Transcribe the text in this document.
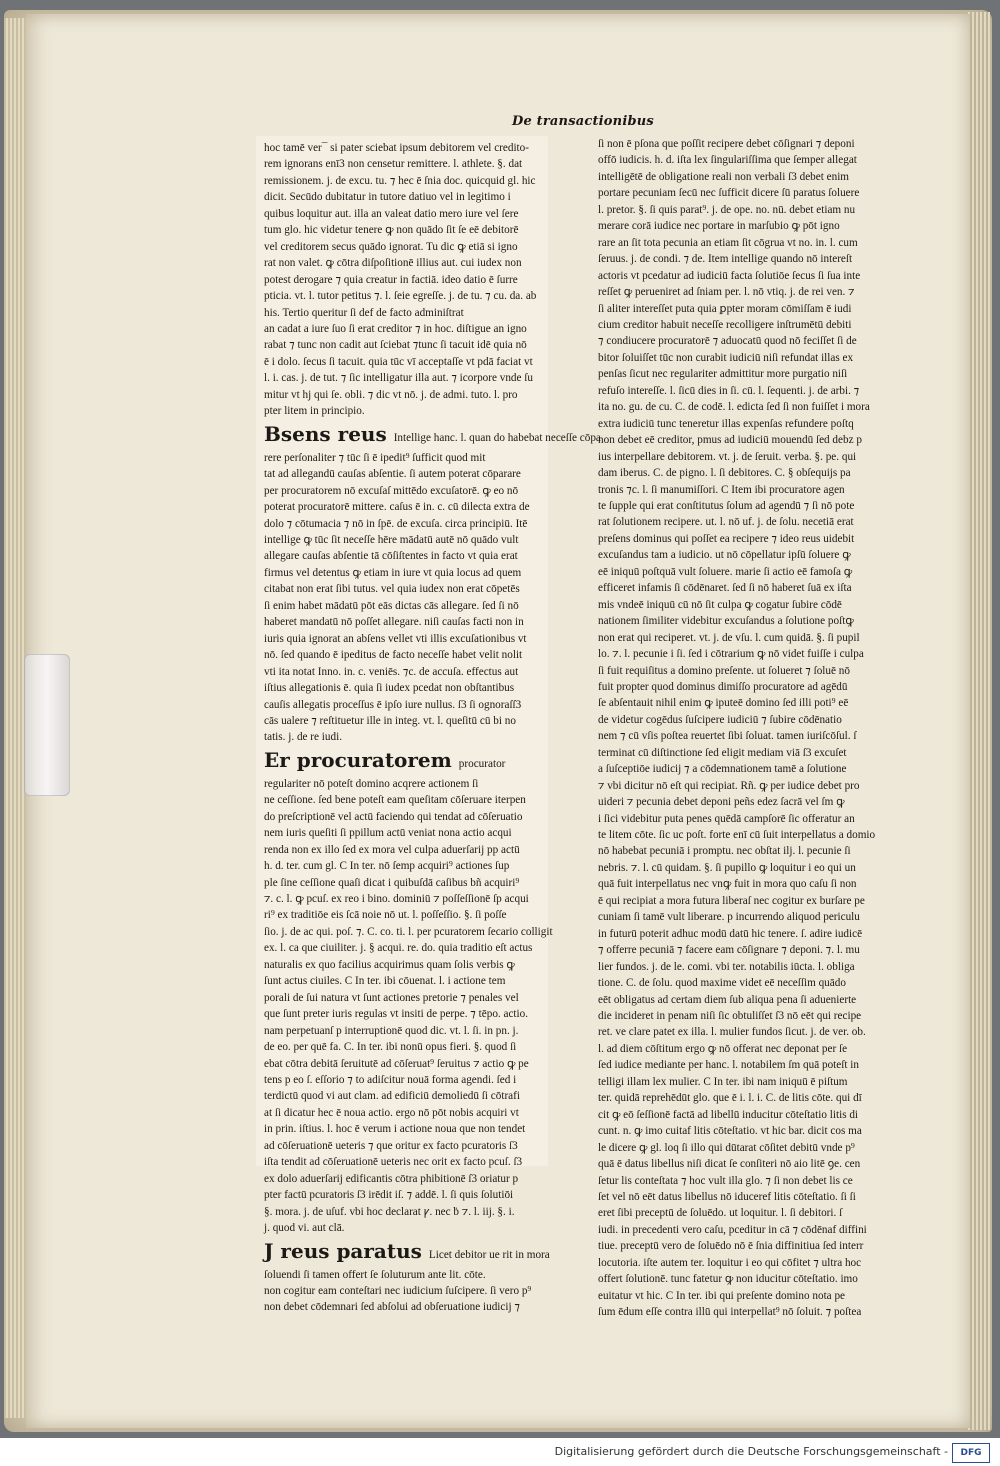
De transactionibus
hoc tamē ver¯ si pater sciebat ipsum debitorem vel credito-
rem ignorans enī3 non censetur remittere. l. athlete. §. dat
remissionem. j. de excu. tu. ⁊ hec ē ſnia doc. quicquid gl. hic
dicit. Secūdo dubitatur in tutore datiuo vel in legitimo i
quibus loquitur aut. illa an valeat datio mero iure vel ſere
tum glo. hic videtur tenere ꝙ non quādo ſit ſe eē debitorē
vel creditorem secus quādo ignorat. Tu dic ꝙ etiā si igno
rat non valet. ꝙ cōtra diſpoſitionē illius aut. cui iudex non
potest derogare ⁊ quia creatur in factiā. ideo datio ē ſurre
pticia. vt. l. tutor petitus ⁊. l. ſeie egreſſe. j. de tu. ⁊ cu. da. ab
his. Tertio queritur ſi def de facto adminiſtrat
an cadat a iure ſuo ſi erat creditor ⁊ in hoc. diſtigue an igno
rabat ⁊ tunc non cadit aut ſciebat ⁊tunc ſi tacuit idē quia nō
ē i dolo. ſecus ſi tacuit. quia tūc vī acceptaſſe vt pdā faciat vt
l. i. cas. j. de tut. ⁊ ſic intelligatur illa aut. ⁊ icorpore vnde ſu
mitur vt hj qui ſe. obli. ⁊ dic vt nō. j. de admi. tuto. l. pro
pter litem in principio.
Bsens reus Intellige hanc. l. quan do habebat neceſſe cōpa
rere perſonaliter ⁊ tūc ſi ē ipedit⁹ ſufficit quod mit
tat ad allegandū cauſas abſentie. ſi autem poterat cōparare
per procuratorem nō excuſaſ mittēdo excuſatorē. ꝙ eo nō
poterat procuratorē mittere. caſus ē in. c. cū dilecta extra de
dolo ⁊ cōtumacia ⁊ nō in ſpē. de excuſa. circa principiū. Itē
intellige ꝙ tūc ſit neceſſe hēre mādatū autē nō quādo vult
allegare cauſas abſentie tā cōſiſtentes in facto vt quia erat
firmus vel detentus ꝙ etiam in iure vt quia locus ad quem
citabat non erat ſibi tutus. vel quia iudex non erat cōpetēs
ſi enim habet mādatū pōt eās dictas cās allegare. ſed ſi nō
haberet mandatū nō poſſet allegare. niſi cauſas facti non in
iuris quia ignorat an abſens vellet vti illis excuſationibus vt
nō. ſed quando ē ipeditus de facto neceſſe habet velit nolit
vti ita notat Inno. in. c. veniēs. ⁊c. de accuſa. effectus aut
iſtius allegationis ē. quia ſi iudex pcedat non obſtantibus
cauſis allegatis proceſſus ē ipſo iure nullus. ſ3 ſi ognoraſſ3
cās ualere ⁊ reſtituetur ille in integ. vt. l. queſitū cū bi no
tatis. j. de re iudi.
Er procuratorem procurator
regulariter nō poteſt domino acqrere actionem ſi
ne ceſſione. ſed bene poteſt eam queſitam cōſeruare iterpen
do preſcriptionē vel actū faciendo qui tendat ad cōſeruatio
nem iuris queſiti ſi ppillum actū veniat nona actio acqui
renda non ex illo ſed ex mora vel culpa aduerſarij pp actū
h. d. ter. cum gl. C In ter. nō ſemp acquiri⁹ actiones ſup
ple ſine ceſſione quaſi dicat i quibuſdā caſibus bñ acquiri⁹
⁊. c. l. ꝙ pcuſ. ex reo i bino. dominiū ⁊ poſſeſſionē ſp acqui
ri⁹ ex traditiōe eis ſcā noie nō ut. l. poſſeſſio. §. ſi poſſe
ſio. j. de ac qui. poſ. ⁊. C. co. ti. l. per pcuratorem ſecario colligit
ex. l. ca que ciuiliter. j. § acqui. re. do. quia traditio eſt actus
naturalis ex quo facilius acquirimus quam ſolis verbis ꝙ
ſunt actus ciuiles. C In ter. ibi cōuenat. l. i actione tem
porali de ſui natura vt ſunt actiones pretorie ⁊ penales vel
que ſunt preter iuris regulas vt insiti de perpe. ⁊ tēpo. actio.
nam perpetuanſ p interruptionē quod dic. vt. l. ſi. in pn. j.
de eo. per quē fa. C. In ter. ibi nonū opus fieri. §. quod ſi
ebat cōtra debitā ſeruitutē ad cōſeruat⁹ ſeruitus ⁊ actio ꝙ pe
tens p eo ſ. eſſorio ⁊ to adiſcitur nouā forma agendi. ſed i
terdictū quod vi aut clam. ad edificiū demoliedū ſi cōtrafi
at ſi dicatur hec ē noua actio. ergo nō pōt nobis acquiri vt
in prin. iſtius. l. hoc ē verum i actione noua que non tendet
ad cōſeruationē ueteris ⁊ que oritur ex facto pcuratoris ſ3
iſta tendit ad cōſeruationē ueteris nec orit ex facto pcuſ. ſ3
ex dolo aduerſarij edificantis cōtra phibitionē ſ3 oriatur p
pter factū pcuratoris ſ3 irēdit iſ. ⁊ addē. l. ſi quis ſolutiōi
§. mora. j. de uſuf. vbi hoc declarat ꝩ. nec ḃ ⁊. l. iij. §. i.
j. quod vi. aut clā.
J reus paratus Licet debitor ue rit in mora
ſoluendi ſi tamen offert ſe ſoluturum ante lit. cōte.
non cogitur eam conteſtari nec iudicium ſuſcipere. ſi vero p⁹
non debet cōdemnari ſed abſolui ad obſeruatione iudicij ⁊
ſi non ē pſona que poſſit recipere debet cōſignari ⁊ deponi
offō iudicis. h. d. iſta lex ſingulariſſima que ſemper allegat
intelligētē de obligatione reali non verbali ſ3 debet enim
portare pecuniam ſecū nec ſufficit dicere ſū paratus ſoluere
l. pretor. §. ſi quis parat⁹. j. de ope. no. nū. debet etiam nu
merare corā iudice nec portare in marſubio ꝙ pōt igno
rare an ſit tota pecunia an etiam ſit cōgrua vt no. in. l. cum
ſeruus. j. de condi. ⁊ de. Item intellige quando nō intereſt
actoris vt pcedatur ad iudiciū facta ſolutiōe ſecus ſi ſua inte
reſſet ꝙ perueniret ad ſniam per. l. nō vtiq. j. de rei ven. ⁊
ſi aliter intereſſet puta quia ꝑpter moram cōmiſſam ē iudi
cium creditor habuit neceſſe recolligere inſtrumētū debiti
⁊ condiucere procuratorē ⁊ aduocatū quod nō feciſſet ſi de
bitor ſoluiſſet tūc non curabit iudiciū niſi refundat illas ex
penſas ſicut nec regulariter admittitur more purgatio niſi
refuſo intereſſe. l. ſicū dies in ſi. cū. l. ſequenti. j. de arbi. ⁊
ita no. gu. de cu. C. de codē. l. edicta ſed ſi non fuiſſet i mora
extra iudiciū tunc teneretur illas expenſas refundere poſtq
non debet eē creditor, pmus ad iudiciū mouendū ſed debz p
ius interpellare debitorem. vt. j. de ſeruit. verba. §. pe. qui
dam iberus. C. de pigno. l. ſi debitores. C. § obſequijs pa
tronis ⁊c. l. ſi manumiſſori. C Item ibi procuratore agen
te ſupple qui erat conſtitutus ſolum ad agendū ⁊ ſi nō pote
rat ſolutionem recipere. ut. l. nō uf. j. de ſolu. necetiā erat
preſens dominus qui poſſet ea recipere ⁊ ideo reus uidebit
excuſandus tam a iudicio. ut nō cōpellatur ipſū ſoluere ꝙ
eē iniquū poſtquā vult ſoluere. marie ſi actio eē famoſa ꝙ
efficeret infamis ſi cōdēnaret. ſed ſi nō haberet ſuā ex iſta
mis vndeē iniquū cū nō ſit culpa ꝙ cogatur ſubire cōdē
nationem ſimiliter videbitur excuſandus a ſolutione poſtꝙ
non erat qui reciperet. vt. j. de vſu. l. cum quidā. §. ſi pupil
lo. ⁊. l. pecunie i ſi. ſed i cōtrarium ꝙ nō videt fuiſſe i culpa
ſi fuit requiſitus a domino preſente. ut ſolueret ⁊ ſoluē nō
fuit propter quod dominus dimiſſo procuratore ad agēdū
ſe abſentauit nihil enim ꝙ iputeē domino ſed illi poti⁹ eē
de videtur cogēdus ſuſcipere iudiciū ⁊ ſubire cōdēnatio
nem ⁊ cū vſis poſtea reuertet ſibi ſoluat. tamen iuriſcōſul. ſ
terminat cū diſtinctione ſed eligit mediam viā ſ3 excuſet
a ſuſceptiōe iudicij ⁊ a cōdemnationem tamē a ſolutione
⁊ vbi dicitur nō eſt qui recipiat. Rñ. ꝙ per iudice debet pro
uideri ⁊ pecunia debet deponi peñs edez ſacrā vel ſm ꝙ
i ſici videbitur puta penes quēdā campſorē ſic offeratur an
te litem cōte. ſic uc poſt. forte enī cū ſuit interpellatus a domio
nō habebat pecuniā i promptu. nec obſtat ilj. l. pecunie ſi
nebris. ⁊. l. cū quidam. §. ſi pupillo ꝙ loquitur i eo qui un
quā fuit interpellatus nec vnꝙ fuit in mora quo caſu ſi non
ē qui recipiat a mora futura liberaſ nec cogitur ex burſare pe
cuniam ſi tamē vult liberare. p incurrendo aliquod periculu
in futurū poterit adhuc modū datū hic tenere. ſ. adire iudicē
⁊ offerre pecuniā ⁊ facere eam cōſignare ⁊ deponi. ⁊. l. mu
lier fundos. j. de le. comi. vbi ter. notabilis iūcta. l. obliga
tione. C. de ſolu. quod maxime videt eē neceſſim quādo
eēt obligatus ad certam diem ſub aliqua pena ſi aduenierte
die incideret in penam niſi ſic obtuliſſet ſ3 nō eēt qui recipe
ret. ve clare patet ex illa. l. mulier fundos ſicut. j. de ver. ob.
l. ad diem cōſtitum ergo ꝙ nō offerat nec deponat per ſe
ſed iudice mediante per hanc. l. notabilem ſm quā poteſt in
telligi illam lex mulier. C In ter. ibi nam iniquū ē piſtum
ter. quidā reprehēdūt glo. que ē i. l. i. C. de litis cōte. qui dī
cit ꝙ eō ſeſſionē factā ad libellū inducitur cōteſtatio litis di
cunt. n. ꝙ imo cuitaf litis cōteſtatio. vt hic bar. dicit cos ma
le dicere ꝙ gl. loq ſi illo qui dūtarat cōſitet debitū vnde p⁹
quā ē datus libellus niſi dicat ſe conſiteri nō aio litē ꝯe. cen
ſetur lis conteſtata ⁊ hoc vult illa glo. ⁊ ſi non debet lis ce
ſet vel nō eēt datus libellus nō iduceref litis cōteſtatio. ſi ſi
eret ſibi preceptū de ſoluēdo. ut loquitur. l. ſi debitori. ſ
iudi. in precedenti vero caſu, pceditur in cā ⁊ cōdēnaf diffini
tiue. preceptū vero de ſoluēdo nō ē ſnia diffinitiua ſed interr
locutoria. iſte autem ter. loquitur i eo qui cōfitet ⁊ ultra hoc
offert ſolutionē. tunc fatetur ꝙ non iducitur cōteſtatio. imo
euitatur vt hic. C In ter. ibi qui preſente domino nota pe
ſum ēdum eſſe contra illū qui interpellat⁹ nō ſoluit. ⁊ poſtea
Digitalisierung gefördert durch die Deutsche Forschungsgemeinschaft -	DFG
